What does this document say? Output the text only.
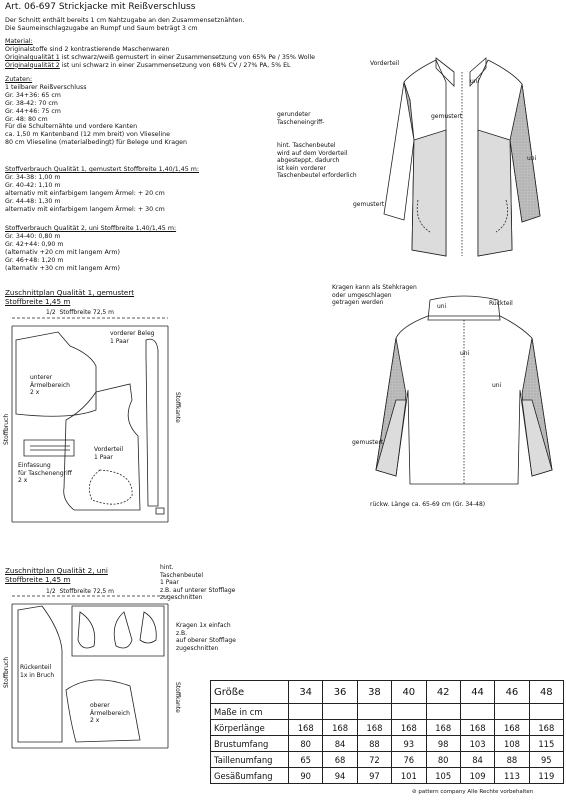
Art. 06-697 Strickjacke mit Reißverschluss
Der Schnitt enthält bereits 1 cm Nahtzugabe an den Zusammensetznähten.
Die Saumeinschlagzugabe an Rumpf und Saum beträgt 3 cm
Material:
Originalstoffe sind 2 kontrastierende Maschenwaren
Originalqualität 1 ist schwarz/weiß gemustert in einer Zusammensetzung von 65% Pe / 35% Wolle
Originalqualität 2 ist uni schwarz in einer Zusammensetzung von 68% CV / 27% PA, 5% EL
Zutaten:
1 teilbarer Reißverschluss
Gr. 34+36: 65 cm
Gr. 38-42: 70 cm
Gr. 44+46: 75 cm
Gr. 48: 80 cm
Für die Schulternähte und vordere Kanten
ca. 1,50 m Kantenband (12 mm breit) von Vlieseline
80 cm Vlieseline (materialbedingt) für Belege und Kragen
Stoffverbrauch Qualität 1, gemustert Stoffbreite 1,40/1,45 m:
Gr. 34-38: 1,00 m
Gr. 40-42: 1,10 m
alternativ mit einfarbigem langem Ärmel: + 20 cm
Gr. 44-48: 1,30 m
alternativ mit einfarbigem langem Ärmel: + 30 cm
Stoffverbrauch Qualität 2, uni Stoffbreite 1,40/1,45 m:
Gr. 34-40: 0,80 m
Gr. 42+44: 0,90 m
(alternativ +20 cm mit langem Arm)
Gr. 46+48: 1,20 m
(alternativ +30 cm mit langem Arm)
Zuschnittplan Qualität 1, gemustert
Stoffbreite 1,45 m
1/2  Stoffbreite 72,5 m
vorderer Beleg
1 Paar
unterer
Ärmelbereich
2 x
Einfassung
für Taschenengriff
2 x
Vorderteil
1 Paar
Stoffbruch
Stoffkante
Zuschnittplan Qualität 2, uni
Stoffbreite 1,45 m
1/2  Stoffbreite 72,5 m
hint.
Taschenbeutel
1 Paar
z.B. auf unterer Stofflage
zugeschnitten
Kragen 1x einfach
z.B.
auf oberer Stofflage
zugeschnitten
Rückenteil
1x in Bruch
oberer
Ärmelbereich
2 x
Stoffbruch
Stoffkante
Vorderteil
uni
gemustert
uni
gemustert
gerundeter
Tascheneingriff-
hint. Taschenbeutel
wird auf dem Vorderteil
abgesteppt, dadurch
ist kein vorderer
Taschenbeutel erforderlich
Kragen kann als Stehkragen
oder umgeschlagen
getragen werden	Rückteil
uni
uni
uni
gemustert
rückw. Länge ca. 65-69 cm (Gr. 34-48)
Größe	34	36	38	40	42	44	46	48
Maße in cm								
Körperlänge	168	168	168	168	168	168	168	168
Brustumfang	80	84	88	93	98	103	108	115
Taillenumfang	65	68	72	76	80	84	88	95
Gesäßumfang	90	94	97	101	105	109	113	119
⊘ pattern company Alle Rechte vorbehalten
